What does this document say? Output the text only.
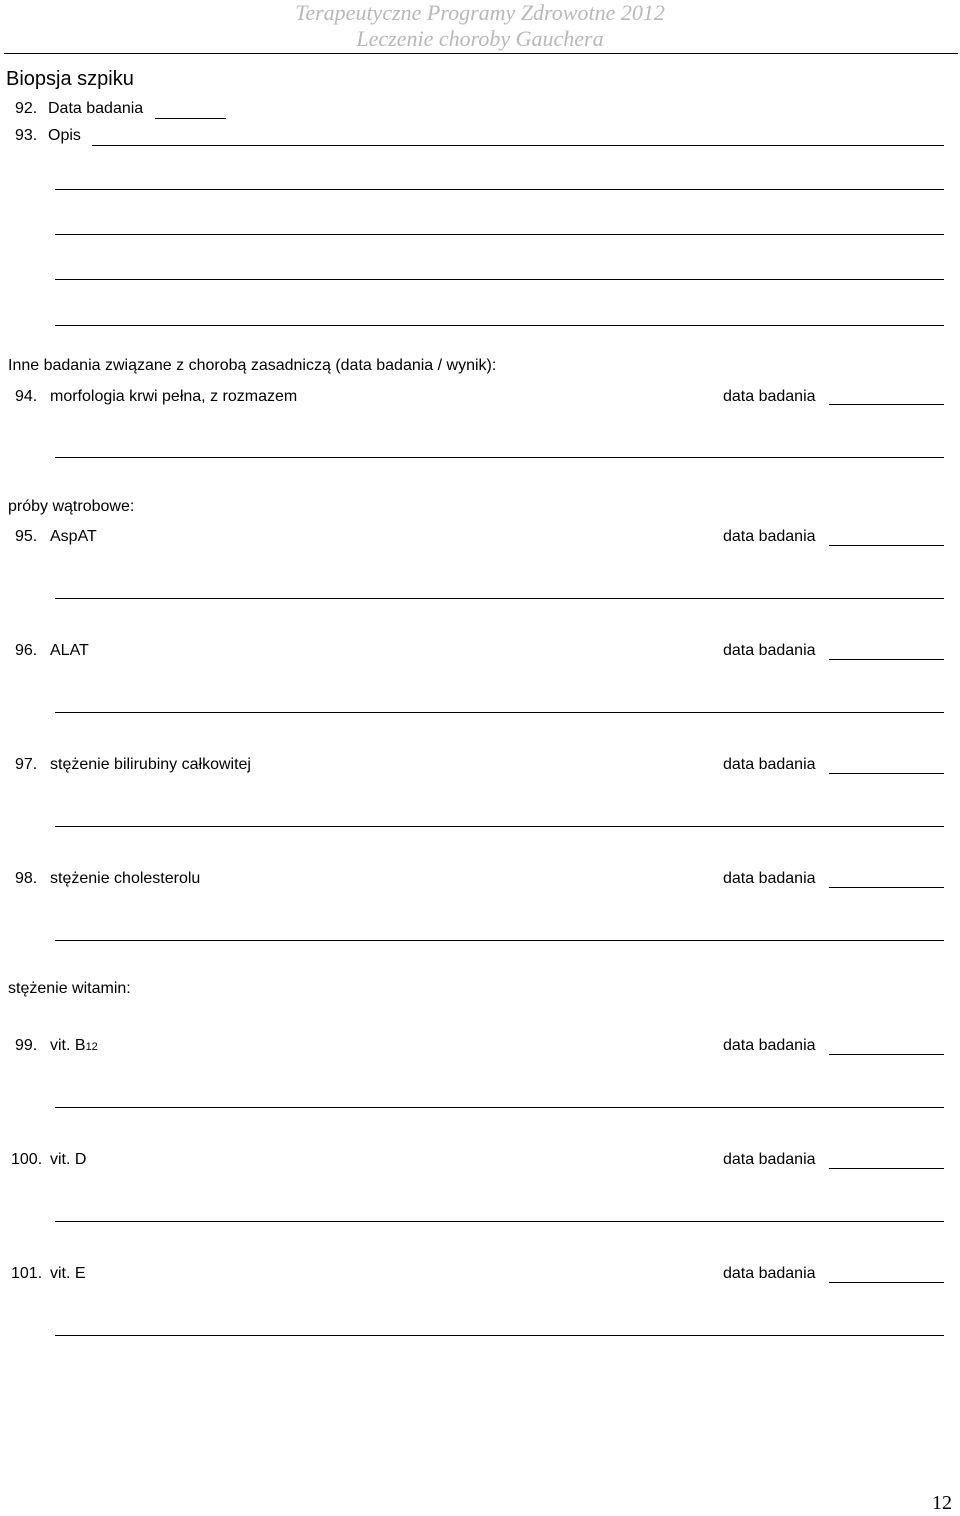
Terapeutyczne Programy Zdrowotne 2012
Leczenie choroby Gauchera
Biopsja szpiku
92. Data badania
93. Opis
Inne badania związane z chorobą zasadniczą (data badania / wynik):
94. morfologia krwi pełna, z rozmazem	data badania
próby wątrobowe:
95. AspAT	data badania
96. ALAT	data badania
97. stężenie bilirubiny całkowitej	data badania
98. stężenie cholesterolu	data badania
stężenie witamin:
99. vit. B12	data badania
100. vit. D	data badania
101. vit. E	data badania
12
